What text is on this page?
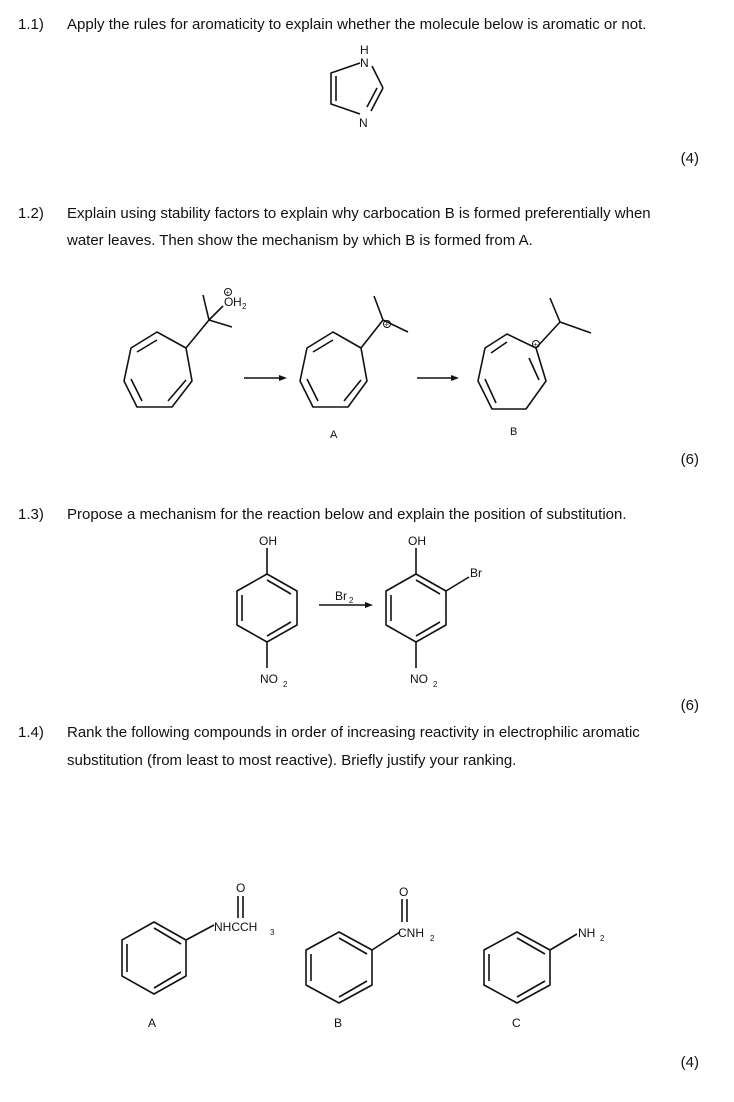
1.1) Apply the rules for aromaticity to explain whether the molecule below is aromatic or not.
(4)
1.2) Explain using stability factors to explain why carbocation B is formed preferentially when
water leaves. Then show the mechanism by which B is formed from A.
(6)
1.3) Propose a mechanism for the reaction below and explain the position of substitution.
(6)
1.4) Rank the following compounds in order of increasing reactivity in electrophilic aromatic
substitution (from least to most reactive). Briefly justify your ranking.
(4)
H
N
N
+
O H 2
+
A
+
B
OH
NO 2
Br 2
OH
Br
NO 2
O
NHCCH 3
A
O
CNH 2
B
NH 2
C
